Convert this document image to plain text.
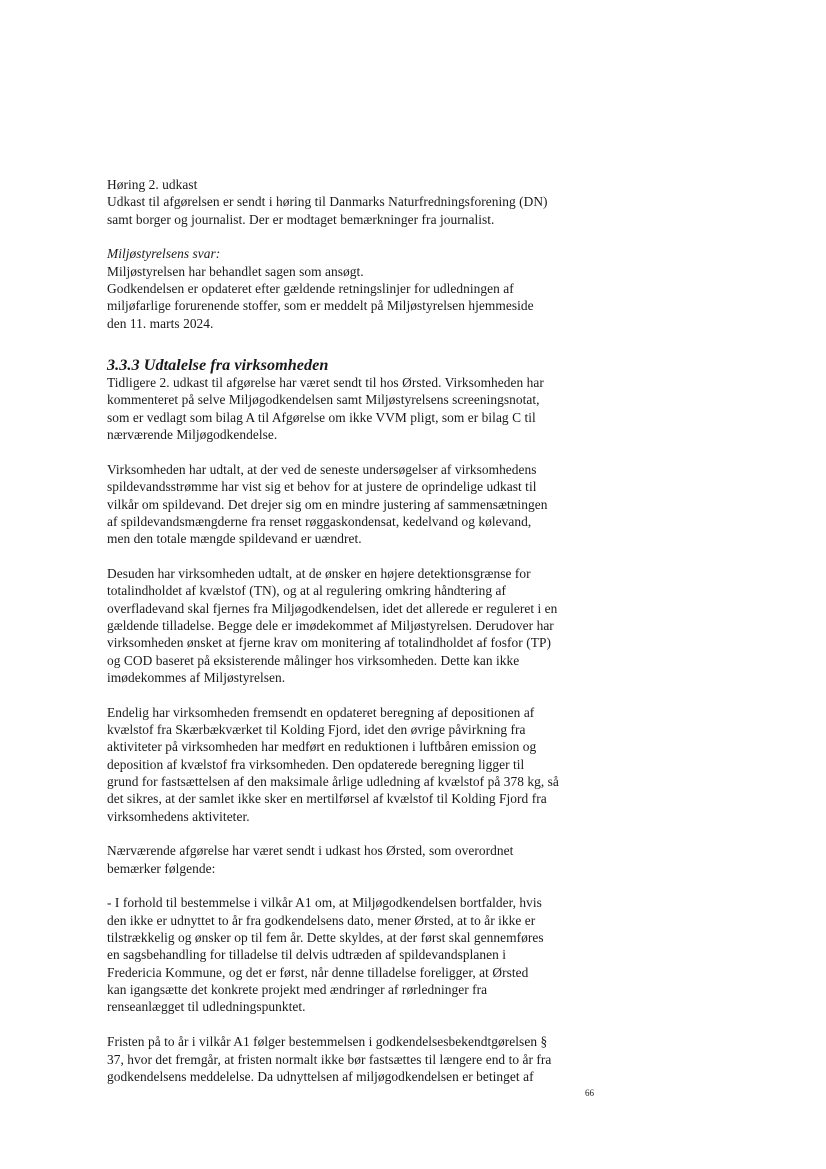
Høring 2. udkast

Udkast til afgørelsen er sendt i høring til Danmarks Naturfredningsforening (DN)

samt borger og journalist. Der er modtaget bemærkninger fra journalist.

Miljøstyrelsens svar:

Miljøstyrelsen har behandlet sagen som ansøgt.

Godkendelsen er opdateret efter gældende retningslinjer for udledningen af

miljøfarlige forurenende stoffer, som er meddelt på Miljøstyrelsen hjemmeside

den 11. marts 2024.

3.3.3 Udtalelse fra virksomheden

Tidligere 2. udkast til afgørelse har været sendt til hos Ørsted. Virksomheden har

kommenteret på selve Miljøgodkendelsen samt Miljøstyrelsens screeningsnotat,

som er vedlagt som bilag A til Afgørelse om ikke VVM pligt, som er bilag C til

nærværende Miljøgodkendelse.

Virksomheden har udtalt, at der ved de seneste undersøgelser af virksomhedens

spildevandsstrømme har vist sig et behov for at justere de oprindelige udkast til

vilkår om spildevand. Det drejer sig om en mindre justering af sammensætningen

af spildevandsmængderne fra renset røggaskondensat, kedelvand og kølevand,

men den totale mængde spildevand er uændret.

Desuden har virksomheden udtalt, at de ønsker en højere detektionsgrænse for

totalindholdet af kvælstof (TN), og at al regulering omkring håndtering af

overfladevand skal fjernes fra Miljøgodkendelsen, idet det allerede er reguleret i en

gældende tilladelse. Begge dele er imødekommet af Miljøstyrelsen. Derudover har

virksomheden ønsket at fjerne krav om monitering af totalindholdet af fosfor (TP)

og COD baseret på eksisterende målinger hos virksomheden. Dette kan ikke

imødekommes af Miljøstyrelsen.

Endelig har virksomheden fremsendt en opdateret beregning af depositionen af

kvælstof fra Skærbækværket til Kolding Fjord, idet den øvrige påvirkning fra

aktiviteter på virksomheden har medført en reduktionen i luftbåren emission og

deposition af kvælstof fra virksomheden. Den opdaterede beregning ligger til

grund for fastsættelsen af den maksimale årlige udledning af kvælstof på 378 kg, så

det sikres, at der samlet ikke sker en mertilførsel af kvælstof til Kolding Fjord fra

virksomhedens aktiviteter.

Nærværende afgørelse har været sendt i udkast hos Ørsted, som overordnet

bemærker følgende:

- I forhold til bestemmelse i vilkår A1 om, at Miljøgodkendelsen bortfalder, hvis

den ikke er udnyttet to år fra godkendelsens dato, mener Ørsted, at to år ikke er

tilstrækkelig og ønsker op til fem år. Dette skyldes, at der først skal gennemføres

en sagsbehandling for tilladelse til delvis udtræden af spildevandsplanen i

Fredericia Kommune, og det er først, når denne tilladelse foreligger, at Ørsted

kan igangsætte det konkrete projekt med ændringer af rørledninger fra

renseanlægget til udledningspunktet.

Fristen på to år i vilkår A1 følger bestemmelsen i godkendelsesbekendtgørelsen §

37, hvor det fremgår, at fristen normalt ikke bør fastsættes til længere end to år fra

godkendelsens meddelelse. Da udnyttelsen af miljøgodkendelsen er betinget af

66
